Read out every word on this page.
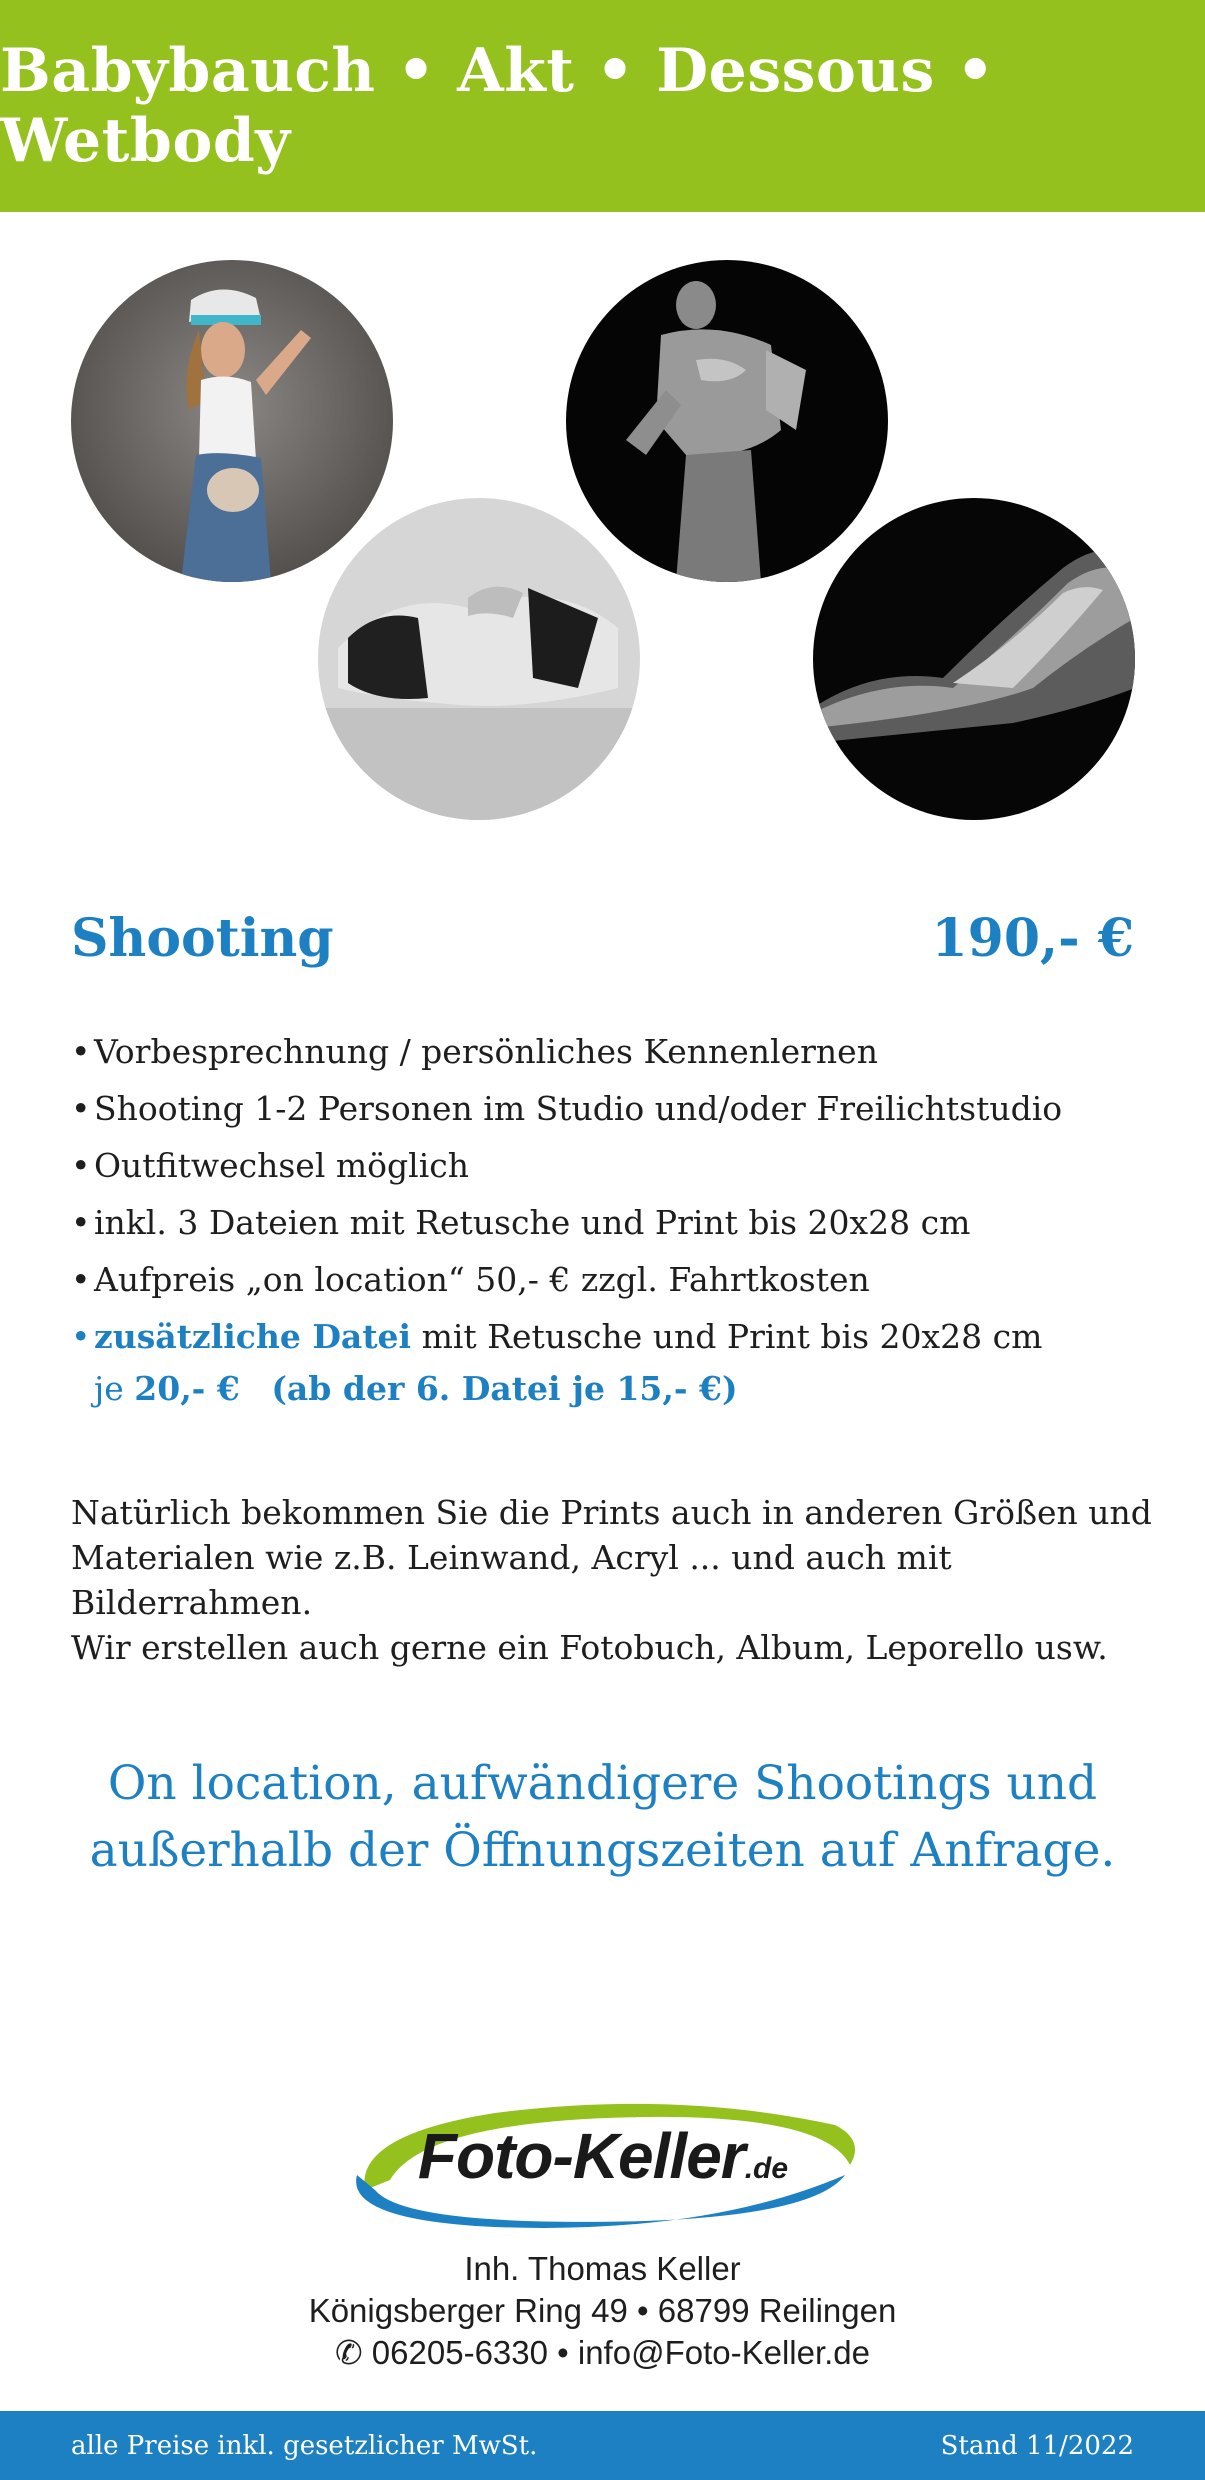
Babybauch • Akt • Dessous • Wetbody
Shooting	190,- €
• Vorbesprechnung / persönliches Kennenlernen
• Shooting 1-2 Personen im Studio und/oder Freilichtstudio
• Outfitwechsel möglich
• inkl. 3 Dateien mit Retusche und Print bis 20x28 cm
• Aufpreis „on location“ 50,- € zzgl. Fahrtkosten
• zusätzliche Datei mit Retusche und Print bis 20x28 cm
je 20,- € (ab der 6. Datei je 15,- €)

Natürlich bekommen Sie die Prints auch in anderen Größen und Materialen wie z.B. Leinwand, Acryl ... und auch mit Bilderrahmen.

Wir erstellen auch gerne ein Fotobuch, Album, Leporello usw.

On location, aufwändigere Shootings und
außerhalb der Öffnungszeiten auf Anfrage.
Foto-Keller.de
Inh. Thomas Keller
Königsberger Ring 49 • 68799 Reilingen
✆ 06205-6330 • info@Foto-Keller.de
alle Preise inkl. gesetzlicher MwSt.	Stand 11/2022
